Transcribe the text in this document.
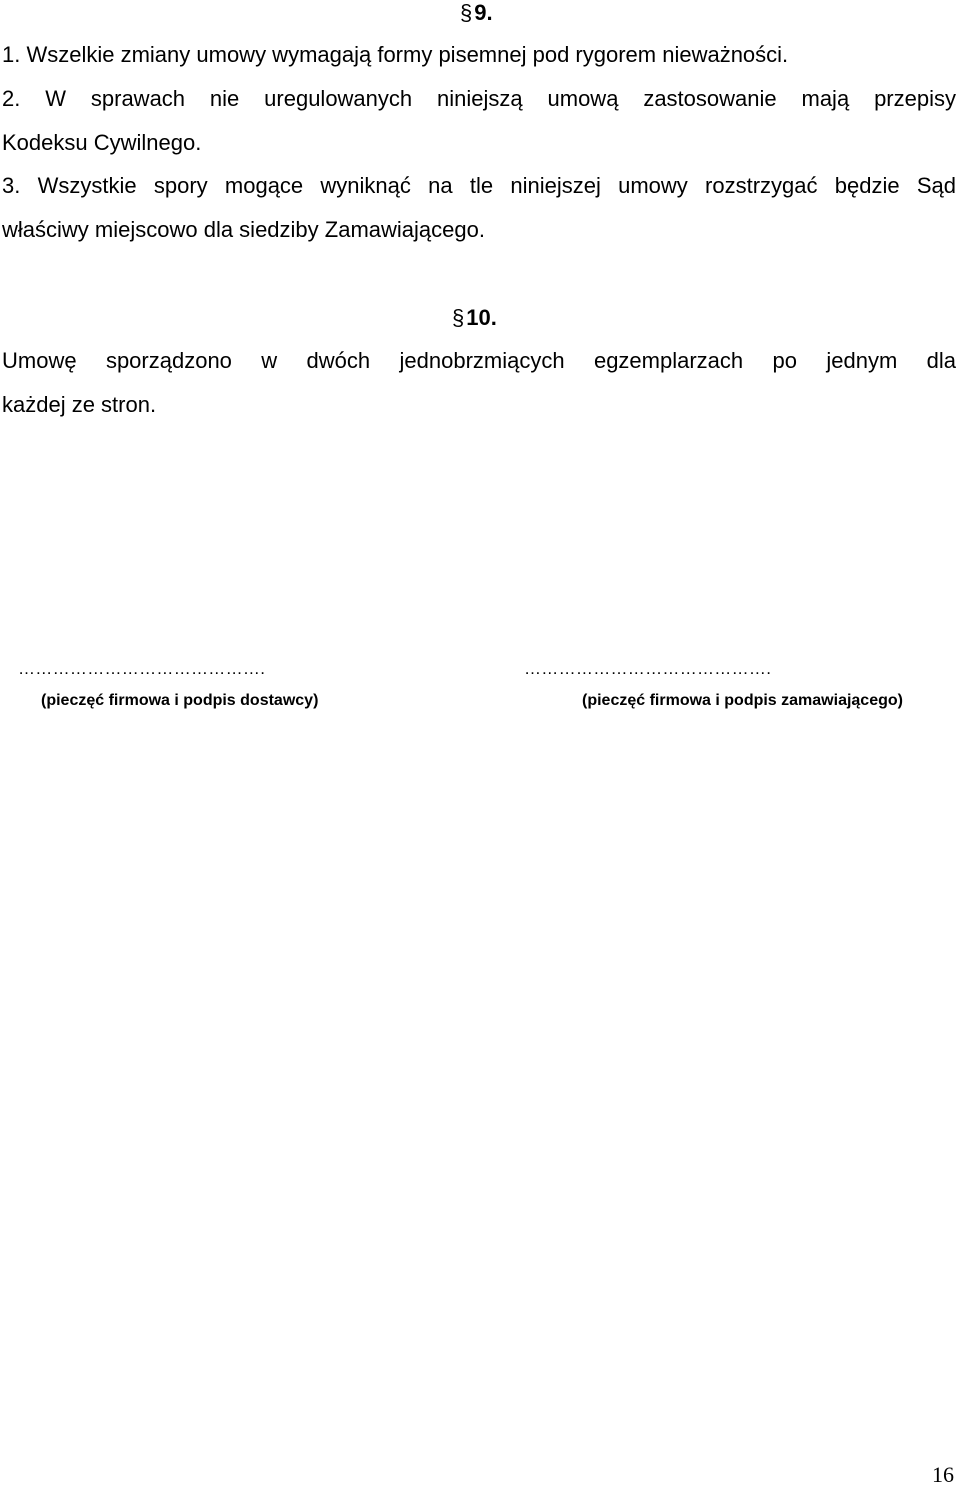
§9.
1. Wszelkie zmiany umowy wymagają formy pisemnej pod rygorem nieważności.
2. W sprawach nie uregulowanych niniejszą umową zastosowanie mają przepisy
Kodeksu Cywilnego.
3. Wszystkie spory mogące wyniknąć na tle niniejszej umowy rozstrzygać będzie Sąd
właściwy miejscowo dla siedziby Zamawiającego.
§10.
Umowę sporządzono w dwóch jednobrzmiących egzemplarzach po jednym dla
każdej ze stron.
…………………………………….
(pieczęć firmowa i podpis dostawcy)
…………………………………….
(pieczęć firmowa i podpis zamawiającego)
16
